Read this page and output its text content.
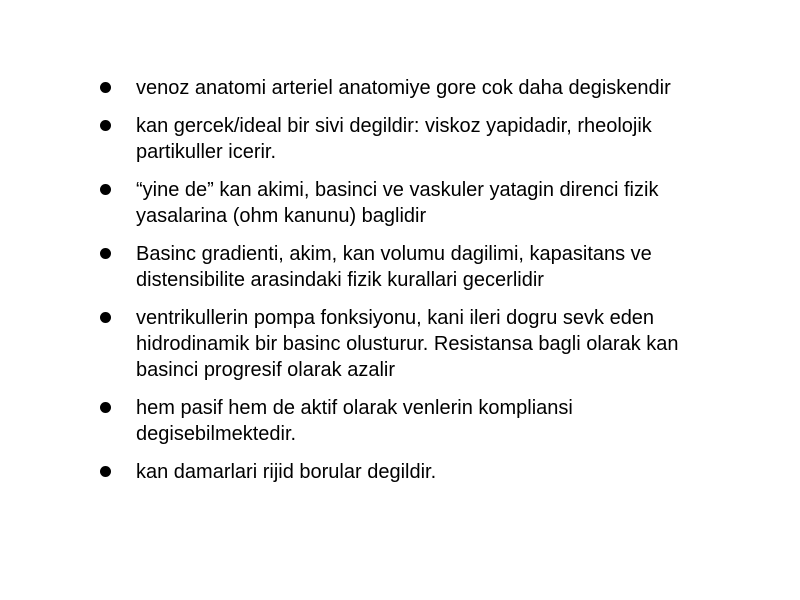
venoz anatomi arteriel anatomiye gore cok daha degiskendir
kan gercek/ideal bir sivi degildir: viskoz yapidadir, rheolojik partikuller icerir.
“yine de” kan akimi, basinci ve vaskuler yatagin direnci fizik yasalarina (ohm kanunu) baglidir
Basinc gradienti, akim, kan volumu dagilimi, kapasitans ve distensibilite arasindaki fizik kurallari gecerlidir
ventrikullerin pompa fonksiyonu, kani ileri dogru sevk eden hidrodinamik bir basinc olusturur. Resistansa bagli olarak kan basinci progresif olarak azalir
hem pasif hem de aktif olarak venlerin kompliansi degisebilmektedir.
kan damarlari rijid borular degildir.
